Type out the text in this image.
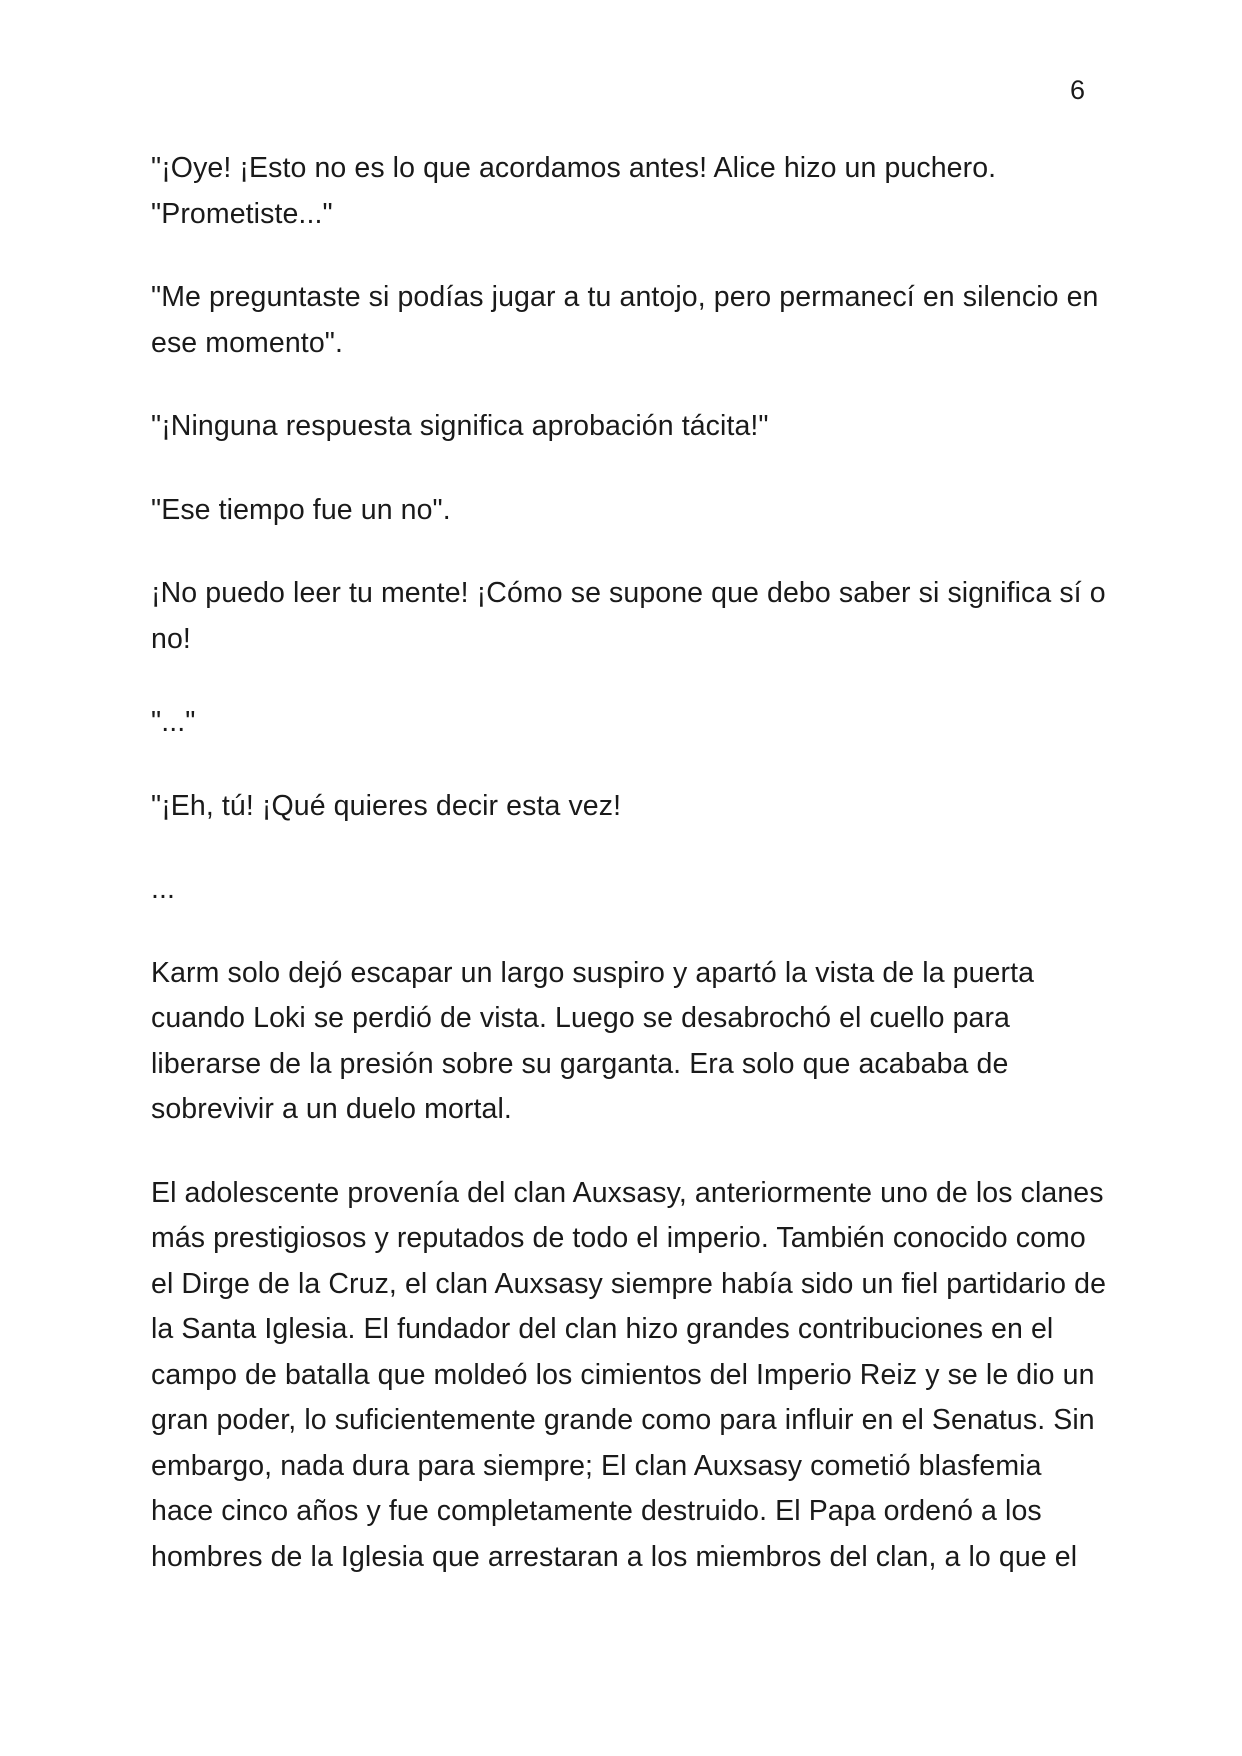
6

"¡Oye! ¡Esto no es lo que acordamos antes! Alice hizo un puchero.
"Prometiste..."

"Me preguntaste si podías jugar a tu antojo, pero permanecí en silencio en
ese momento".

"¡Ninguna respuesta significa aprobación tácita!"

"Ese tiempo fue un no".

¡No puedo leer tu mente! ¡Cómo se supone que debo saber si significa sí o
no!

"..."

"¡Eh, tú! ¡Qué quieres decir esta vez!

...

Karm solo dejó escapar un largo suspiro y apartó la vista de la puerta
cuando Loki se perdió de vista. Luego se desabrochó el cuello para
liberarse de la presión sobre su garganta. Era solo que acababa de
sobrevivir a un duelo mortal.

El adolescente provenía del clan Auxsasy, anteriormente uno de los clanes
más prestigiosos y reputados de todo el imperio. También conocido como
el Dirge de la Cruz, el clan Auxsasy siempre había sido un fiel partidario de
la Santa Iglesia. El fundador del clan hizo grandes contribuciones en el
campo de batalla que moldeó los cimientos del Imperio Reiz y se le dio un
gran poder, lo suficientemente grande como para influir en el Senatus. Sin
embargo, nada dura para siempre; El clan Auxsasy cometió blasfemia
hace cinco años y fue completamente destruido. El Papa ordenó a los
hombres de la Iglesia que arrestaran a los miembros del clan, a lo que el
